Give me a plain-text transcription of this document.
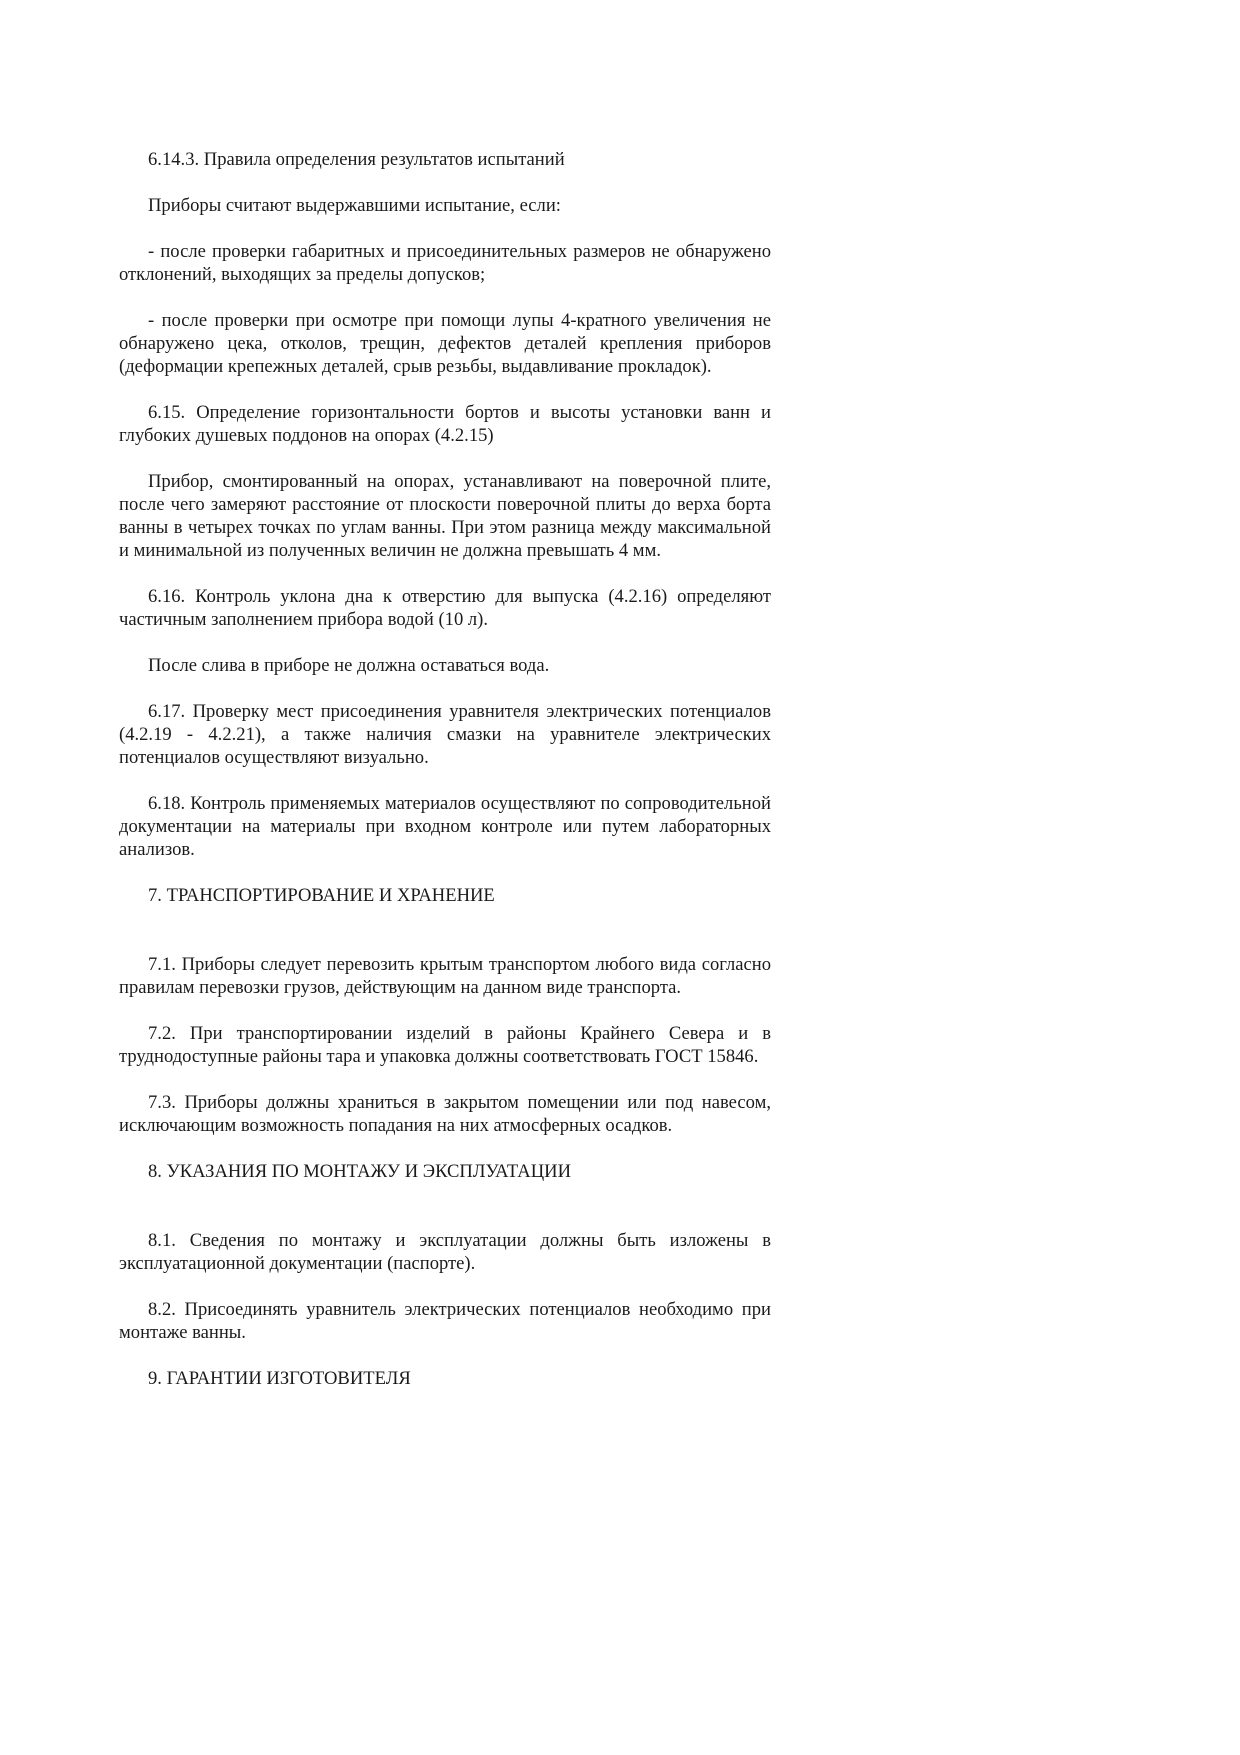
6.14.3. Правила определения результатов испытаний

Приборы считают выдержавшими испытание, если:

- после проверки габаритных и присоединительных размеров не обнаружено отклонений, выходящих за пределы допусков;

- после проверки при осмотре при помощи лупы 4-кратного увеличения не обнаружено цека, отколов, трещин, дефектов деталей крепления приборов (деформации крепежных деталей, срыв резьбы, выдавливание прокладок).

6.15. Определение горизонтальности бортов и высоты установки ванн и глубоких душевых поддонов на опорах (4.2.15)

Прибор, смонтированный на опорах, устанавливают на поверочной плите, после чего замеряют расстояние от плоскости поверочной плиты до верха борта ванны в четырех точках по углам ванны. При этом разница между максимальной и минимальной из полученных величин не должна превышать 4 мм.

6.16. Контроль уклона дна к отверстию для выпуска (4.2.16) определяют частичным заполнением прибора водой (10 л).

После слива в приборе не должна оставаться вода.

6.17. Проверку мест присоединения уравнителя электрических потенциалов (4.2.19 - 4.2.21), а также наличия смазки на уравнителе электрических потенциалов осуществляют визуально.

6.18. Контроль применяемых материалов осуществляют по сопроводительной документации на материалы при входном контроле или путем лабораторных анализов.

7. ТРАНСПОРТИРОВАНИЕ И ХРАНЕНИЕ

7.1. Приборы следует перевозить крытым транспортом любого вида согласно правилам перевозки грузов, действующим на данном виде транспорта.

7.2. При транспортировании изделий в районы Крайнего Севера и в труднодоступные районы тара и упаковка должны соответствовать ГОСТ 15846.

7.3. Приборы должны храниться в закрытом помещении или под навесом, исключающим возможность попадания на них атмосферных осадков.

8. УКАЗАНИЯ ПО МОНТАЖУ И ЭКСПЛУАТАЦИИ

8.1. Сведения по монтажу и эксплуатации должны быть изложены в эксплуатационной документации (паспорте).

8.2. Присоединять уравнитель электрических потенциалов необходимо при монтаже ванны.

9. ГАРАНТИИ ИЗГОТОВИТЕЛЯ
